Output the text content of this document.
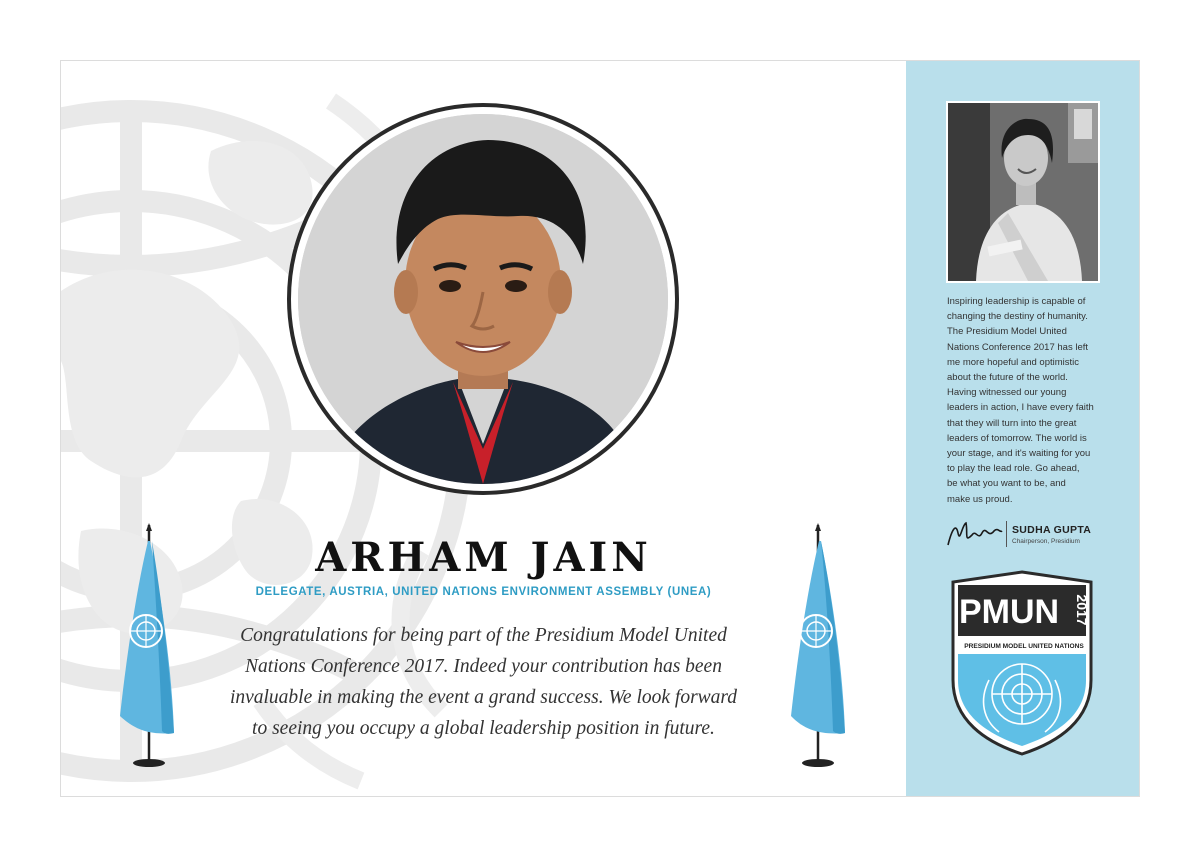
ARHAM JAIN
DELEGATE, AUSTRIA, UNITED NATIONS ENVIRONMENT ASSEMBLY (UNEA)
Congratulations for being part of the Presidium Model United
Nations Conference 2017. Indeed your contribution has been
invaluable in making the event a grand success. We look forward
to seeing you occupy a global leadership position in future.
Inspiring leadership is capable of
changing the destiny of humanity.
The Presidium Model United
Nations Conference 2017 has left
me more hopeful and optimistic
about the future of the world.
Having witnessed our young
leaders in action, I have every faith
that they will turn into the great
leaders of tomorrow. The world is
your stage, and it's waiting for you
to play the lead role. Go ahead,
be what you want to be, and
make us proud.
SUDHA GUPTA
Chairperson, Presidium
PMUN 2017
PRESIDIUM MODEL UNITED NATIONS
